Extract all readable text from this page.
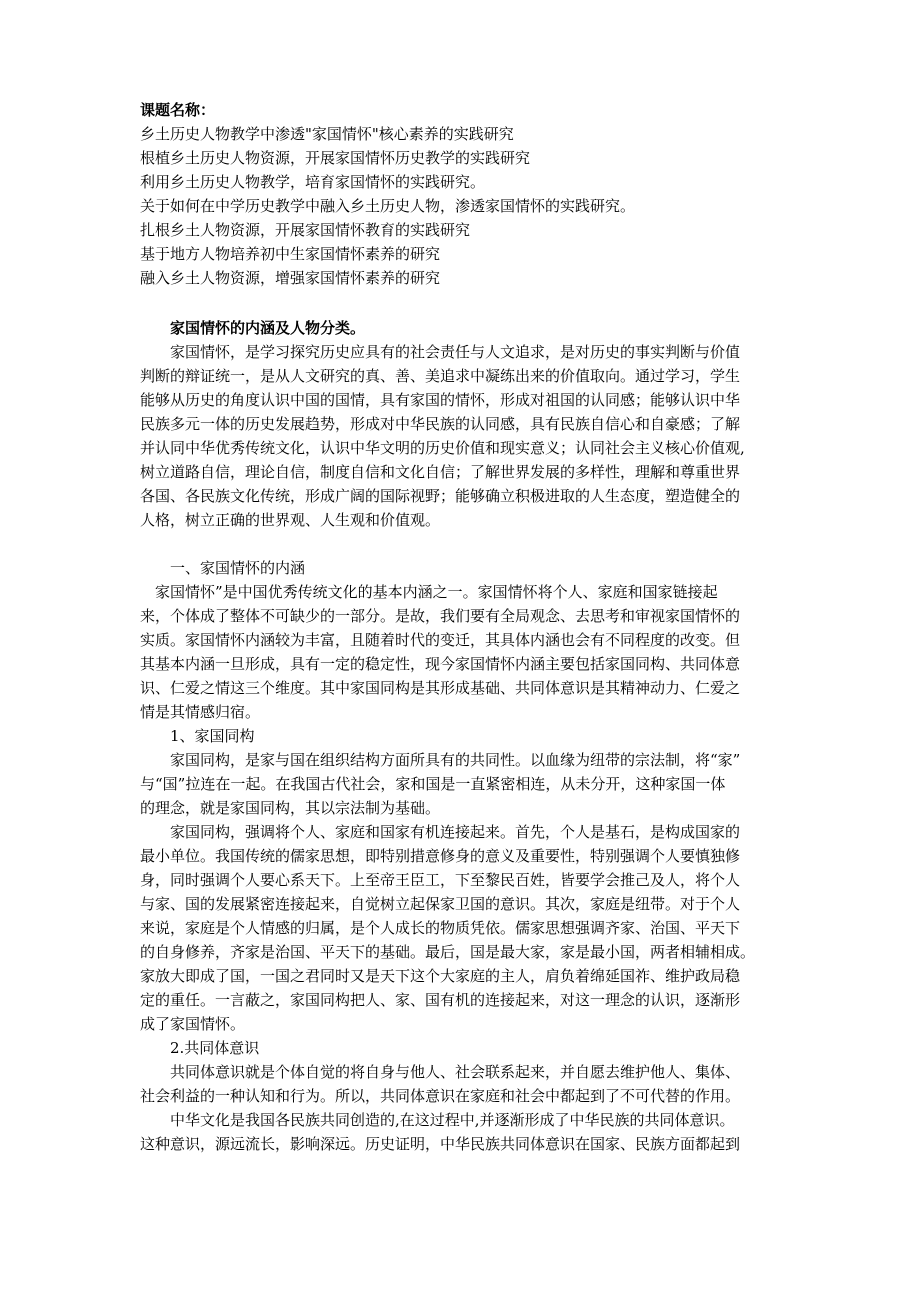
课题名称：
乡土历史人物教学中渗透"家国情怀"核心素养的实践研究
根植乡土历史人物资源，开展家国情怀历史教学的实践研究
利用乡土历史人物教学，培育家国情怀的实践研究。
关于如何在中学历史教学中融入乡土历史人物，渗透家国情怀的实践研究。
扎根乡土人物资源，开展家国情怀教育的实践研究
基于地方人物培养初中生家国情怀素养的研究
融入乡土人物资源，增强家国情怀素养的研究
家国情怀的内涵及人物分类。
家国情怀，是学习探究历史应具有的社会责任与人文追求，是对历史的事实判断与价值
判断的辩证统一，是从人文研究的真、善、美追求中凝练出来的价值取向。通过学习，学生
能够从历史的角度认识中国的国情，具有家国的情怀，形成对祖国的认同感；能够认识中华
民族多元一体的历史发展趋势，形成对中华民族的认同感，具有民族自信心和自豪感；了解
并认同中华优秀传统文化，认识中华文明的历史价值和现实意义；认同社会主义核心价值观,
树立道路自信，理论自信，制度自信和文化自信；了解世界发展的多样性，理解和尊重世界
各国、各民族文化传统，形成广阔的国际视野；能够确立积极进取的人生态度，塑造健全的
人格，树立正确的世界观、人生观和价值观。
一、家国情怀的内涵
家国情怀”是中国优秀传统文化的基本内涵之一。家国情怀将个人、家庭和国家链接起
来，个体成了整体不可缺少的一部分。是故，我们要有全局观念、去思考和审视家国情怀的
实质。家国情怀内涵较为丰富，且随着时代的变迁，其具体内涵也会有不同程度的改变。但
其基本内涵一旦形成，具有一定的稳定性，现今家国情怀内涵主要包括家国同构、共同体意
识、仁爱之情这三个维度。其中家国同构是其形成基础、共同体意识是其精神动力、仁爱之
情是其情感归宿。
1、家国同构
家国同构，是家与国在组织结构方面所具有的共同性。以血缘为纽带的宗法制，将“家”
与“国”拉连在一起。在我国古代社会，家和国是一直紧密相连，从未分开，这种家国一体
的理念，就是家国同构，其以宗法制为基础。
家国同构，强调将个人、家庭和国家有机连接起来。首先，个人是基石，是构成国家的
最小单位。我国传统的儒家思想，即特别措意修身的意义及重要性，特别强调个人要慎独修
身，同时强调个人要心系天下。上至帝王臣工，下至黎民百姓，皆要学会推己及人，将个人
与家、国的发展紧密连接起来，自觉树立起保家卫国的意识。其次，家庭是纽带。对于个人
来说，家庭是个人情感的归属，是个人成长的物质凭依。儒家思想强调齐家、治国、平天下
的自身修养，齐家是治国、平天下的基础。最后，国是最大家，家是最小国，两者相辅相成。
家放大即成了国，一国之君同时又是天下这个大家庭的主人，肩负着绵延国祚、维护政局稳
定的重任。一言蔽之，家国同构把人、家、国有机的连接起来，对这一理念的认识，逐渐形
成了家国情怀。
2.共同体意识
共同体意识就是个体自觉的将自身与他人、社会联系起来，并自愿去维护他人、集体、
社会利益的一种认知和行为。所以，共同体意识在家庭和社会中都起到了不可代替的作用。
中华文化是我国各民族共同创造的,在这过程中,并逐渐形成了中华民族的共同体意识。
这种意识，源远流长，影响深远。历史证明，中华民族共同体意识在国家、民族方面都起到
